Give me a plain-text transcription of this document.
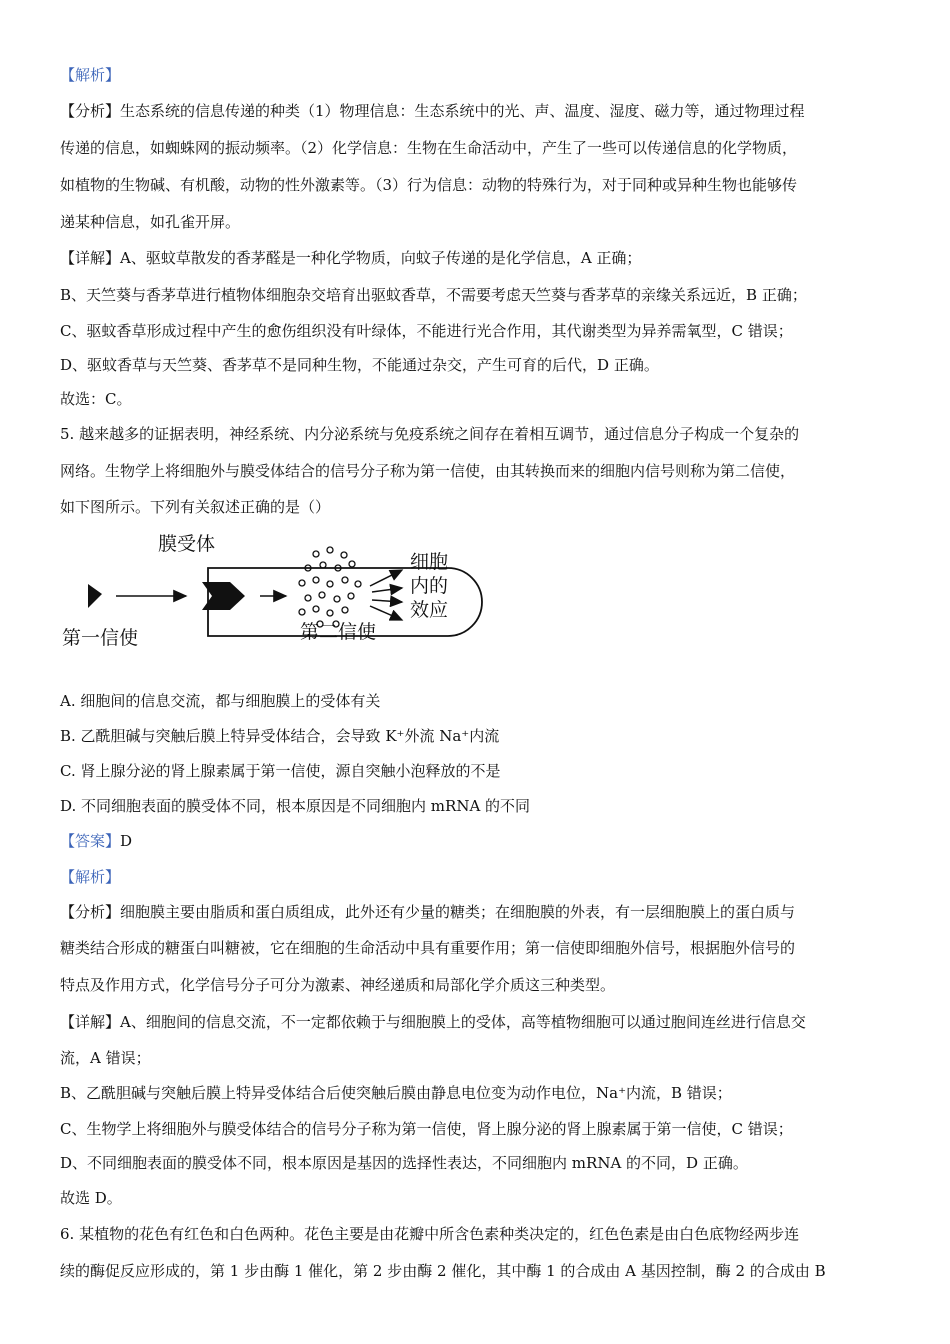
【解析】
【分析】生态系统的信息传递的种类（1）物理信息：生态系统中的光、声、温度、湿度、磁力等，通过物理过程
传递的信息，如蜘蛛网的振动频率。（2）化学信息：生物在生命活动中，产生了一些可以传递信息的化学物质，
如植物的生物碱、有机酸，动物的性外激素等。（3）行为信息：动物的特殊行为，对于同种或异种生物也能够传
递某种信息，如孔雀开屏。
【详解】A、驱蚊草散发的香茅醛是一种化学物质，向蚊子传递的是化学信息，A 正确；
B、天竺葵与香茅草进行植物体细胞杂交培育出驱蚊香草，不需要考虑天竺葵与香茅草的亲缘关系远近，B 正确；
C、驱蚊香草形成过程中产生的愈伤组织没有叶绿体，不能进行光合作用，其代谢类型为异养需氧型，C 错误；
D、驱蚊香草与天竺葵、香茅草不是同种生物，不能通过杂交，产生可育的后代，D 正确。
故选：C。
5. 越来越多的证据表明，神经系统、内分泌系统与免疫系统之间存在着相互调节，通过信息分子构成一个复杂的
网络。生物学上将细胞外与膜受体结合的信号分子称为第一信使，由其转换而来的细胞内信号则称为第二信使，
如下图所示。下列有关叙述正确的是（）
膜受体
第一信使	第二信使
细胞
内的
效应
A. 细胞间的信息交流，都与细胞膜上的受体有关
B. 乙酰胆碱与突触后膜上特异受体结合，会导致 K⁺外流 Na⁺内流
C. 肾上腺分泌的肾上腺素属于第一信使，源自突触小泡释放的不是
D. 不同细胞表面的膜受体不同，根本原因是不同细胞内 mRNA 的不同
【答案】D
【解析】
【分析】细胞膜主要由脂质和蛋白质组成，此外还有少量的糖类；在细胞膜的外表，有一层细胞膜上的蛋白质与
糖类结合形成的糖蛋白叫糖被，它在细胞的生命活动中具有重要作用；第一信使即细胞外信号，根据胞外信号的
特点及作用方式，化学信号分子可分为激素、神经递质和局部化学介质这三种类型。
【详解】A、细胞间的信息交流，不一定都依赖于与细胞膜上的受体，高等植物细胞可以通过胞间连丝进行信息交
流，A 错误；
B、乙酰胆碱与突触后膜上特异受体结合后使突触后膜由静息电位变为动作电位，Na⁺内流，B 错误；
C、生物学上将细胞外与膜受体结合的信号分子称为第一信使，肾上腺分泌的肾上腺素属于第一信使，C 错误；
D、不同细胞表面的膜受体不同，根本原因是基因的选择性表达，不同细胞内 mRNA 的不同，D 正确。
故选 D。
6. 某植物的花色有红色和白色两种。花色主要是由花瓣中所含色素种类决定的，红色色素是由白色底物经两步连
续的酶促反应形成的，第 1 步由酶 1 催化，第 2 步由酶 2 催化，其中酶 1 的合成由 A 基因控制，酶 2 的合成由 B
